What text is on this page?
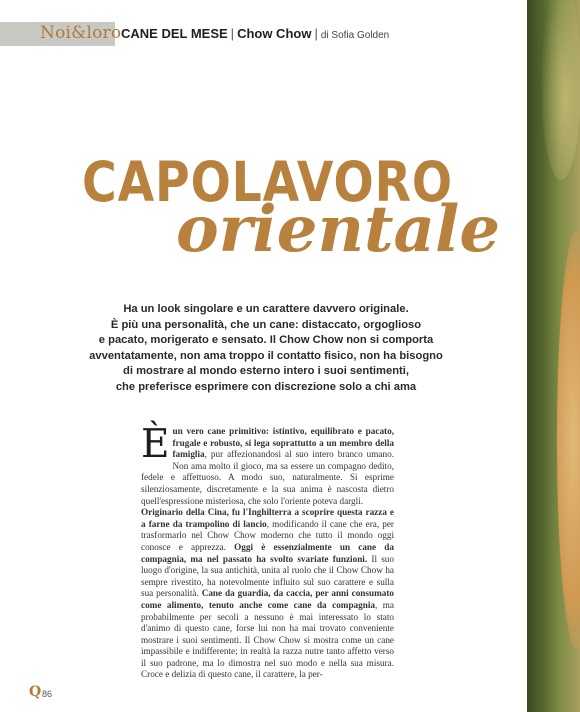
Noi&loro CANE DEL MESE | Chow Chow | di Sofia Golden
CAPOLAVORO
orientale

Ha un look singolare e un carattere davvero originale.
È più una personalità, che un cane: distaccato, orgoglioso
e pacato, morigerato e sensato. Il Chow Chow non si comporta
avventatamente, non ama troppo il contatto fisico, non ha bisogno
di mostrare al mondo esterno intero i suoi sentimenti,
che preferisce esprimere con discrezione solo a chi ama

Èun vero cane primitivo: istintivo, equilibrato e pacato, frugale e robusto, si lega soprattutto a un membro della famiglia, pur affezionandosi al suo intero branco umano. Non ama molto il gioco, ma sa essere un compagno dedito, fedele e affettuoso. A modo suo, naturalmente. Si esprime silenziosamente, discretamente e la sua anima è nascosta dietro quell'espressione misteriosa, che solo l'oriente poteva dargli.
Originario della Cina, fu l'Inghilterra a scoprire questa razza e a farne da trampolino di lancio, modificando il cane che era, per trasformarlo nel Chow Chow moderno che tutto il mondo oggi conosce e apprezza. Oggi è essenzialmente un cane da compagnia, ma nel passato ha svolto svariate funzioni. Il suo luogo d'origine, la sua antichità, unita al ruolo che il Chow Chow ha sempre rivestito, ha notevolmente influito sul suo carattere e sulla sua personalità. Cane da guardia, da caccia, per anni consumato come alimento, tenuto anche come cane da compagnia, ma probabilmente per secoli a nessuno è mai interessato lo stato d'animo di questo cane, forse lui non ha mai trovato conveniente mostrare i suoi sentimenti. Il Chow Chow si mostra come un cane impassibile e indifferente; in realtà la razza nutre tanto affetto verso il suo padrone, ma lo dimostra nel suo modo e nella sua misura. Croce e delizia di questo cane, il carattere, la per-

Q 86
